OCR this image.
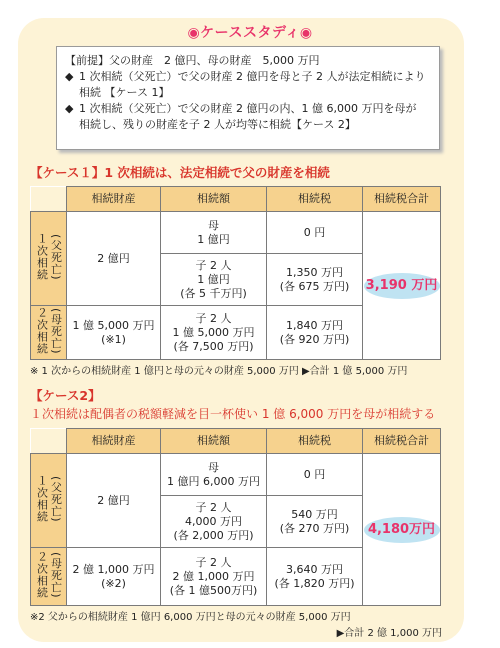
◉ケーススタディ◉
【前提】父の財産　2 億円、母の財産　5,000 万円
◆ 1 次相続（父死亡）で父の財産 2 億円を母と子 2 人が法定相続により
相続 【ケース 1】
◆ 1 次相続（父死亡）で父の財産 2 億円の内、1 億 6,000 万円を母が
相続し、残りの財産を子 2 人が均等に相続【ケース 2】
【ケース１】1 次相続は、法定相続で父の財産を相続
	相続財産	相続額	相続税	相続税合計
１次相続(父死亡)	2 億円	母
1 億円	0 円	3,190 万円
		子 2 人
1 億円
(各 5 千万円)	1,350 万円
(各 675 万円)	
２次相続(母死亡)	1 億 5,000 万円
(※1)	子 2 人
1 億 5,000 万円
(各 7,500 万円)	1,840 万円
(各 920 万円)	
※ 1 次からの相続財産 1 億円と母の元々の財産 5,000 万円 ▶合計 1 億 5,000 万円
【ケース2】
１次相続は配偶者の税額軽減を目一杯使い 1 億 6,000 万円を母が相続する
	相続財産	相続額	相続税	相続税合計
１次相続(父死亡)	2 億円	母
1 億円 6,000 万円	0 円	4,180万円
		子 2 人
4,000 万円
(各 2,000 万円)	540 万円
(各 270 万円)	
２次相続(母死亡)	2 億 1,000 万円
(※2)	子 2 人
2 億 1,000 万円
(各 1 億500万円)	3,640 万円
(各 1,820 万円)	
※2 父からの相続財産 1 億円 6,000 万円と母の元々の財産 5,000 万円
▶合計 2 億 1,000 万円
